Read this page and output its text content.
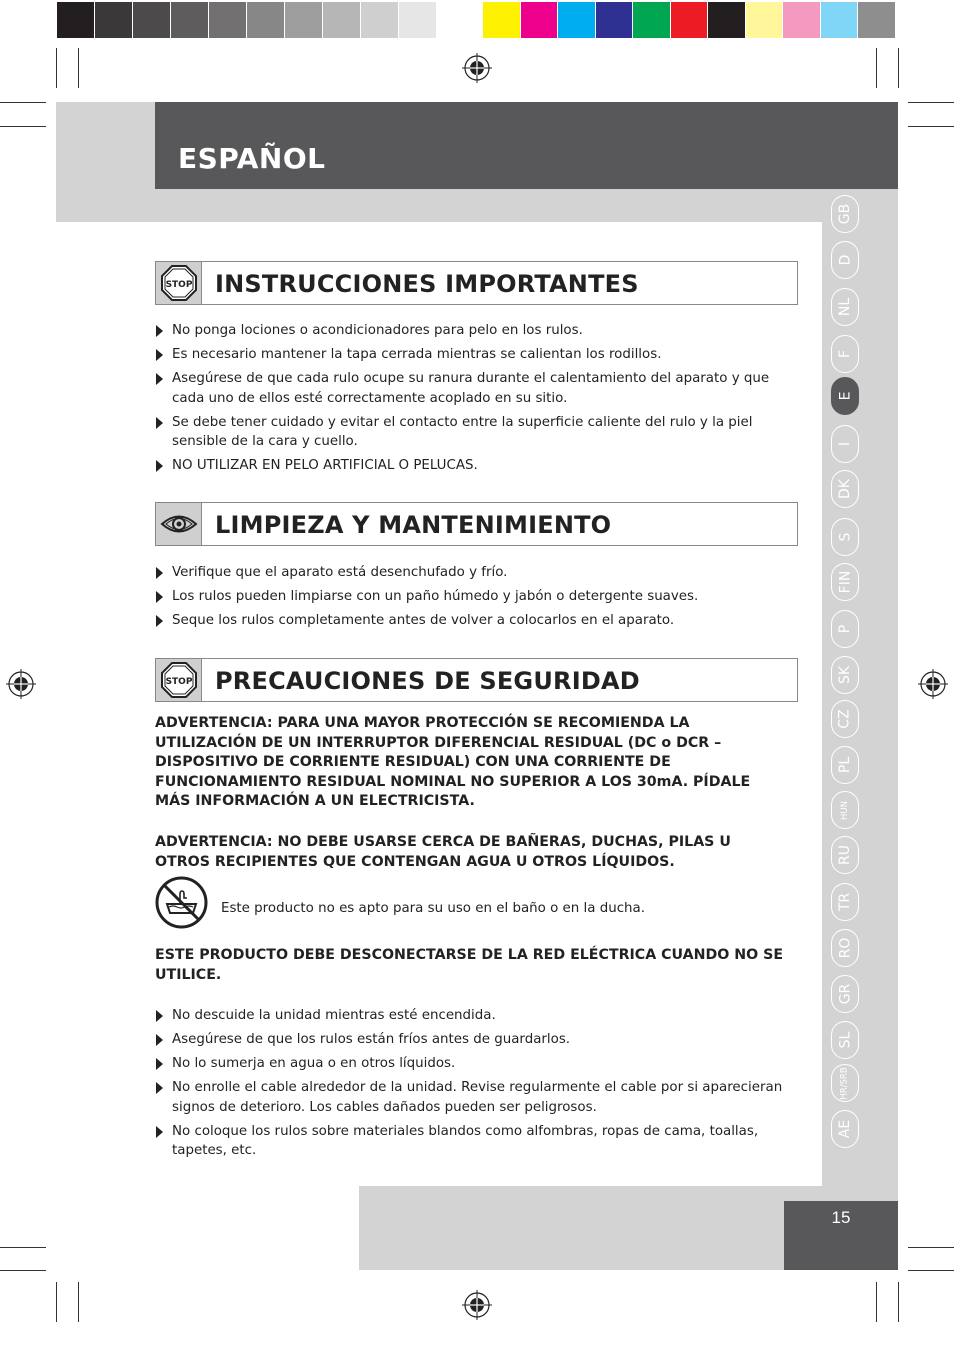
ESPAÑOL
GB
D
NL
F
E
I
DK
S
FIN
P
SK
CZ
PL
HUN
RU
TR
RO
GR
SL
HR/SRB
AE
STOP INSTRUCCIONES IMPORTANTES
No ponga lociones o acondicionadores para pelo en los rulos.
Es necesario mantener la tapa cerrada mientras se calientan los rodillos.
Asegúrese de que cada rulo ocupe su ranura durante el calentamiento del aparato y que cada uno de ellos esté correctamente acoplado en su sitio.
Se debe tener cuidado y evitar el contacto entre la superficie caliente del rulo y la piel sensible de la cara y cuello.
NO UTILIZAR EN PELO ARTIFICIAL O PELUCAS.
LIMPIEZA Y MANTENIMIENTO
Verifique que el aparato está desenchufado y frío.
Los rulos pueden limpiarse con un paño húmedo y jabón o detergente suaves.
Seque los rulos completamente antes de volver a colocarlos en el aparato.
STOP PRECAUCIONES DE SEGURIDAD
ADVERTENCIA: PARA UNA MAYOR PROTECCIÓN SE RECOMIENDA LA UTILIZACIÓN DE UN INTERRUPTOR DIFERENCIAL RESIDUAL (DC o DCR – DISPOSITIVO DE CORRIENTE RESIDUAL) CON UNA CORRIENTE DE FUNCIONAMIENTO RESIDUAL NOMINAL NO SUPERIOR A LOS 30mA. PÍDALE MÁS INFORMACIÓN A UN ELECTRICISTA.
ADVERTENCIA: NO DEBE USARSE CERCA DE BAÑERAS, DUCHAS, PILAS U OTROS RECIPIENTES QUE CONTENGAN AGUA U OTROS LÍQUIDOS.
Este producto no es apto para su uso en el baño o en la ducha.
ESTE PRODUCTO DEBE DESCONECTARSE DE LA RED ELÉCTRICA CUANDO NO SE UTILICE.
No descuide la unidad mientras esté encendida.
Asegúrese de que los rulos están fríos antes de guardarlos.
No lo sumerja en agua o en otros líquidos.
No enrolle el cable alrededor de la unidad. Revise regularmente el cable por si aparecieran signos de deterioro. Los cables dañados pueden ser peligrosos.
No coloque los rulos sobre materiales blandos como alfombras, ropas de cama, toallas, tapetes, etc.
15
